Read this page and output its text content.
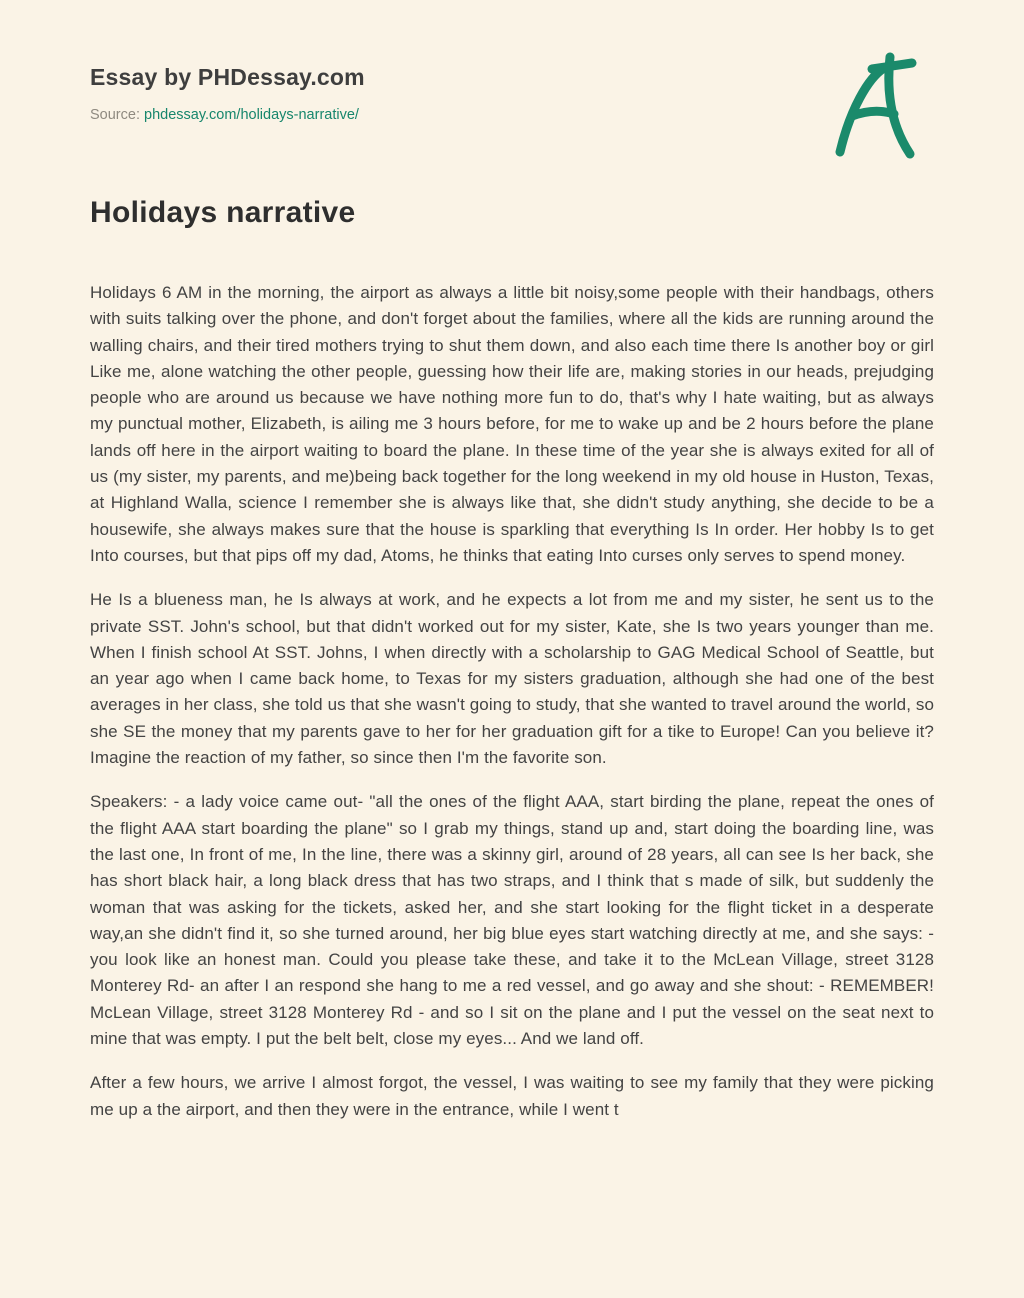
Essay by PHDessay.com
Source: phdessay.com/holidays-narrative/
Holidays narrative

Holidays 6 AM in the morning, the airport as always a little bit noisy,some people with their handbags, others with suits talking over the phone, and don't forget about the families, where all the kids are running around the walling chairs, and their tired mothers trying to shut them down, and also each time there Is another boy or girl Like me, alone watching the other people, guessing how their life are, making stories in our heads, prejudging people who are around us because we have nothing more fun to do, that's why I hate waiting, but as always my punctual mother, Elizabeth, is ailing me 3 hours before, for me to wake up and be 2 hours before the plane lands off here in the airport waiting to board the plane. In these time of the year she is always exited for all of us (my sister, my parents, and me)being back together for the long weekend in my old house in Huston, Texas, at Highland Walla, science I remember she is always like that, she didn't study anything, she decide to be a housewife, she always makes sure that the house is sparkling that everything Is In order. Her hobby Is to get Into courses, but that pips off my dad, Atoms, he thinks that eating Into curses only serves to spend money.

He Is a blueness man, he Is always at work, and he expects a lot from me and my sister, he sent us to the private SST. John's school, but that didn't worked out for my sister, Kate, she Is two years younger than me. When I finish school At SST. Johns, I when directly with a scholarship to GAG Medical School of Seattle, but an year ago when I came back home, to Texas for my sisters graduation, although she had one of the best averages in her class, she told us that she wasn't going to study, that she wanted to travel around the world, so she SE the money that my parents gave to her for her graduation gift for a tike to Europe! Can you believe it? Imagine the reaction of my father, so since then I'm the favorite son.

Speakers: - a lady voice came out- "all the ones of the flight AAA, start birding the plane, repeat the ones of the flight AAA start boarding the plane" so I grab my things, stand up and, start doing the boarding line, was the last one, In front of me, In the line, there was a skinny girl, around of 28 years, all can see Is her back, she has short black hair, a long black dress that has two straps, and I think that s made of silk, but suddenly the woman that was asking for the tickets, asked her, and she start looking for the flight ticket in a desperate way,an she didn't find it, so she turned around, her big blue eyes start watching directly at me, and she says: - you look like an honest man. Could you please take these, and take it to the McLean Village, street 3128 Monterey Rd- an after I an respond she hang to me a red vessel, and go away and she shout: - REMEMBER! McLean Village, street 3128 Monterey Rd - and so I sit on the plane and I put the vessel on the seat next to mine that was empty. I put the belt belt, close my eyes... And we land off.

After a few hours, we arrive I almost forgot, the vessel, I was waiting to see my family that they were picking me up a the airport, and then they were in the entrance, while I went t
